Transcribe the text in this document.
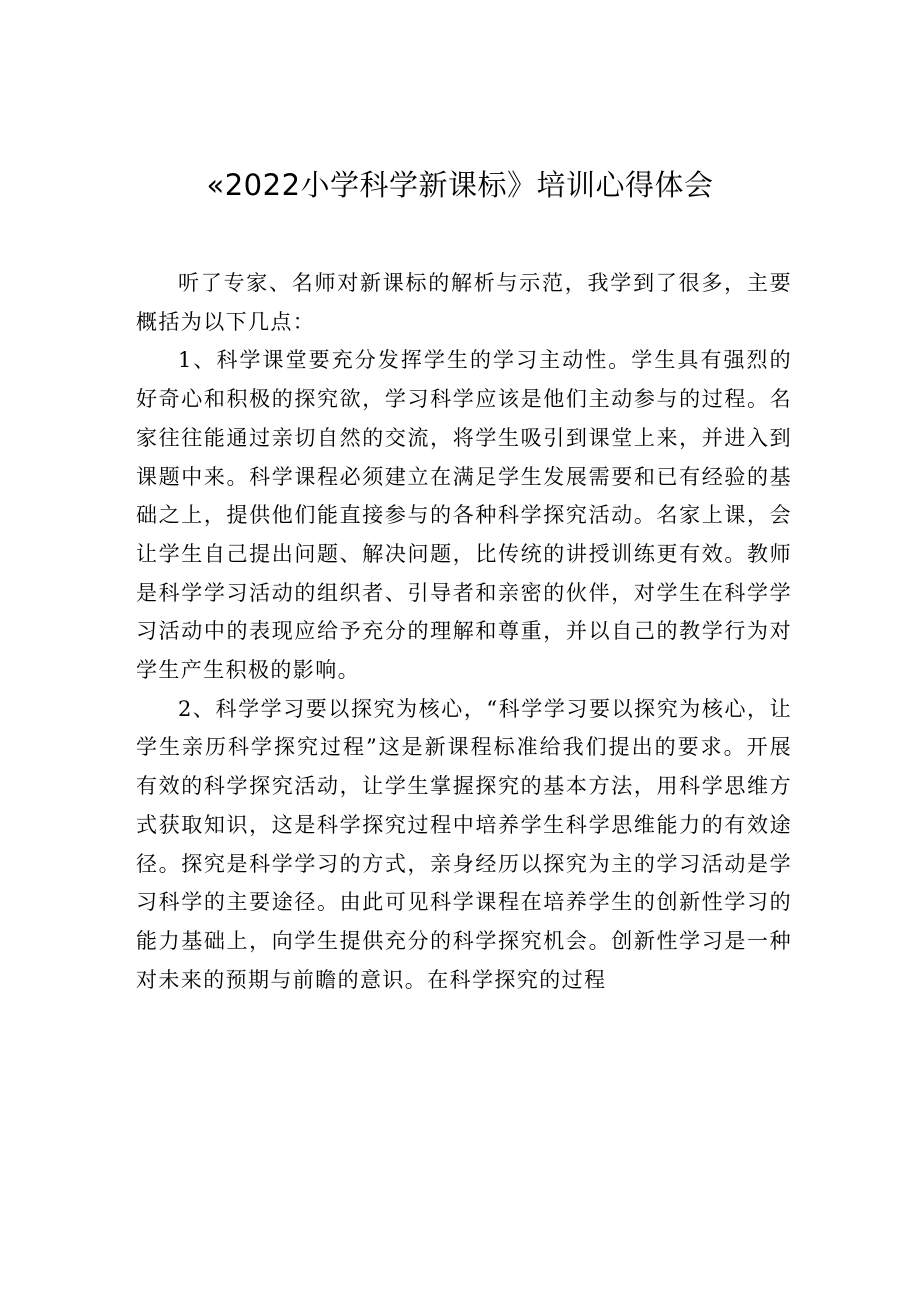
«2022小学科学新课标》培训心得体会

听了专家、名师对新课标的解析与示范，我学到了很多，主要概括为以下几点：

1、科学课堂要充分发挥学生的学习主动性。学生具有强烈的好奇心和积极的探究欲，学习科学应该是他们主动参与的过程。名家往往能通过亲切自然的交流，将学生吸引到课堂上来，并进入到课题中来。科学课程必须建立在满足学生发展需要和已有经验的基础之上，提供他们能直接参与的各种科学探究活动。名家上课，会让学生自己提出问题、解决问题，比传统的讲授训练更有效。教师是科学学习活动的组织者、引导者和亲密的伙伴，对学生在科学学习活动中的表现应给予充分的理解和尊重，并以自己的教学行为对学生产生积极的影响。

2、科学学习要以探究为核心，“科学学习要以探究为核心，让学生亲历科学探究过程”这是新课程标准给我们提出的要求。开展有效的科学探究活动，让学生掌握探究的基本方法，用科学思维方式获取知识，这是科学探究过程中培养学生科学思维能力的有效途径。探究是科学学习的方式，亲身经历以探究为主的学习活动是学习科学的主要途径。由此可见科学课程在培养学生的创新性学习的能力基础上，向学生提供充分的科学探究机会。创新性学习是一种对未来的预期与前瞻的意识。在科学探究的过程
